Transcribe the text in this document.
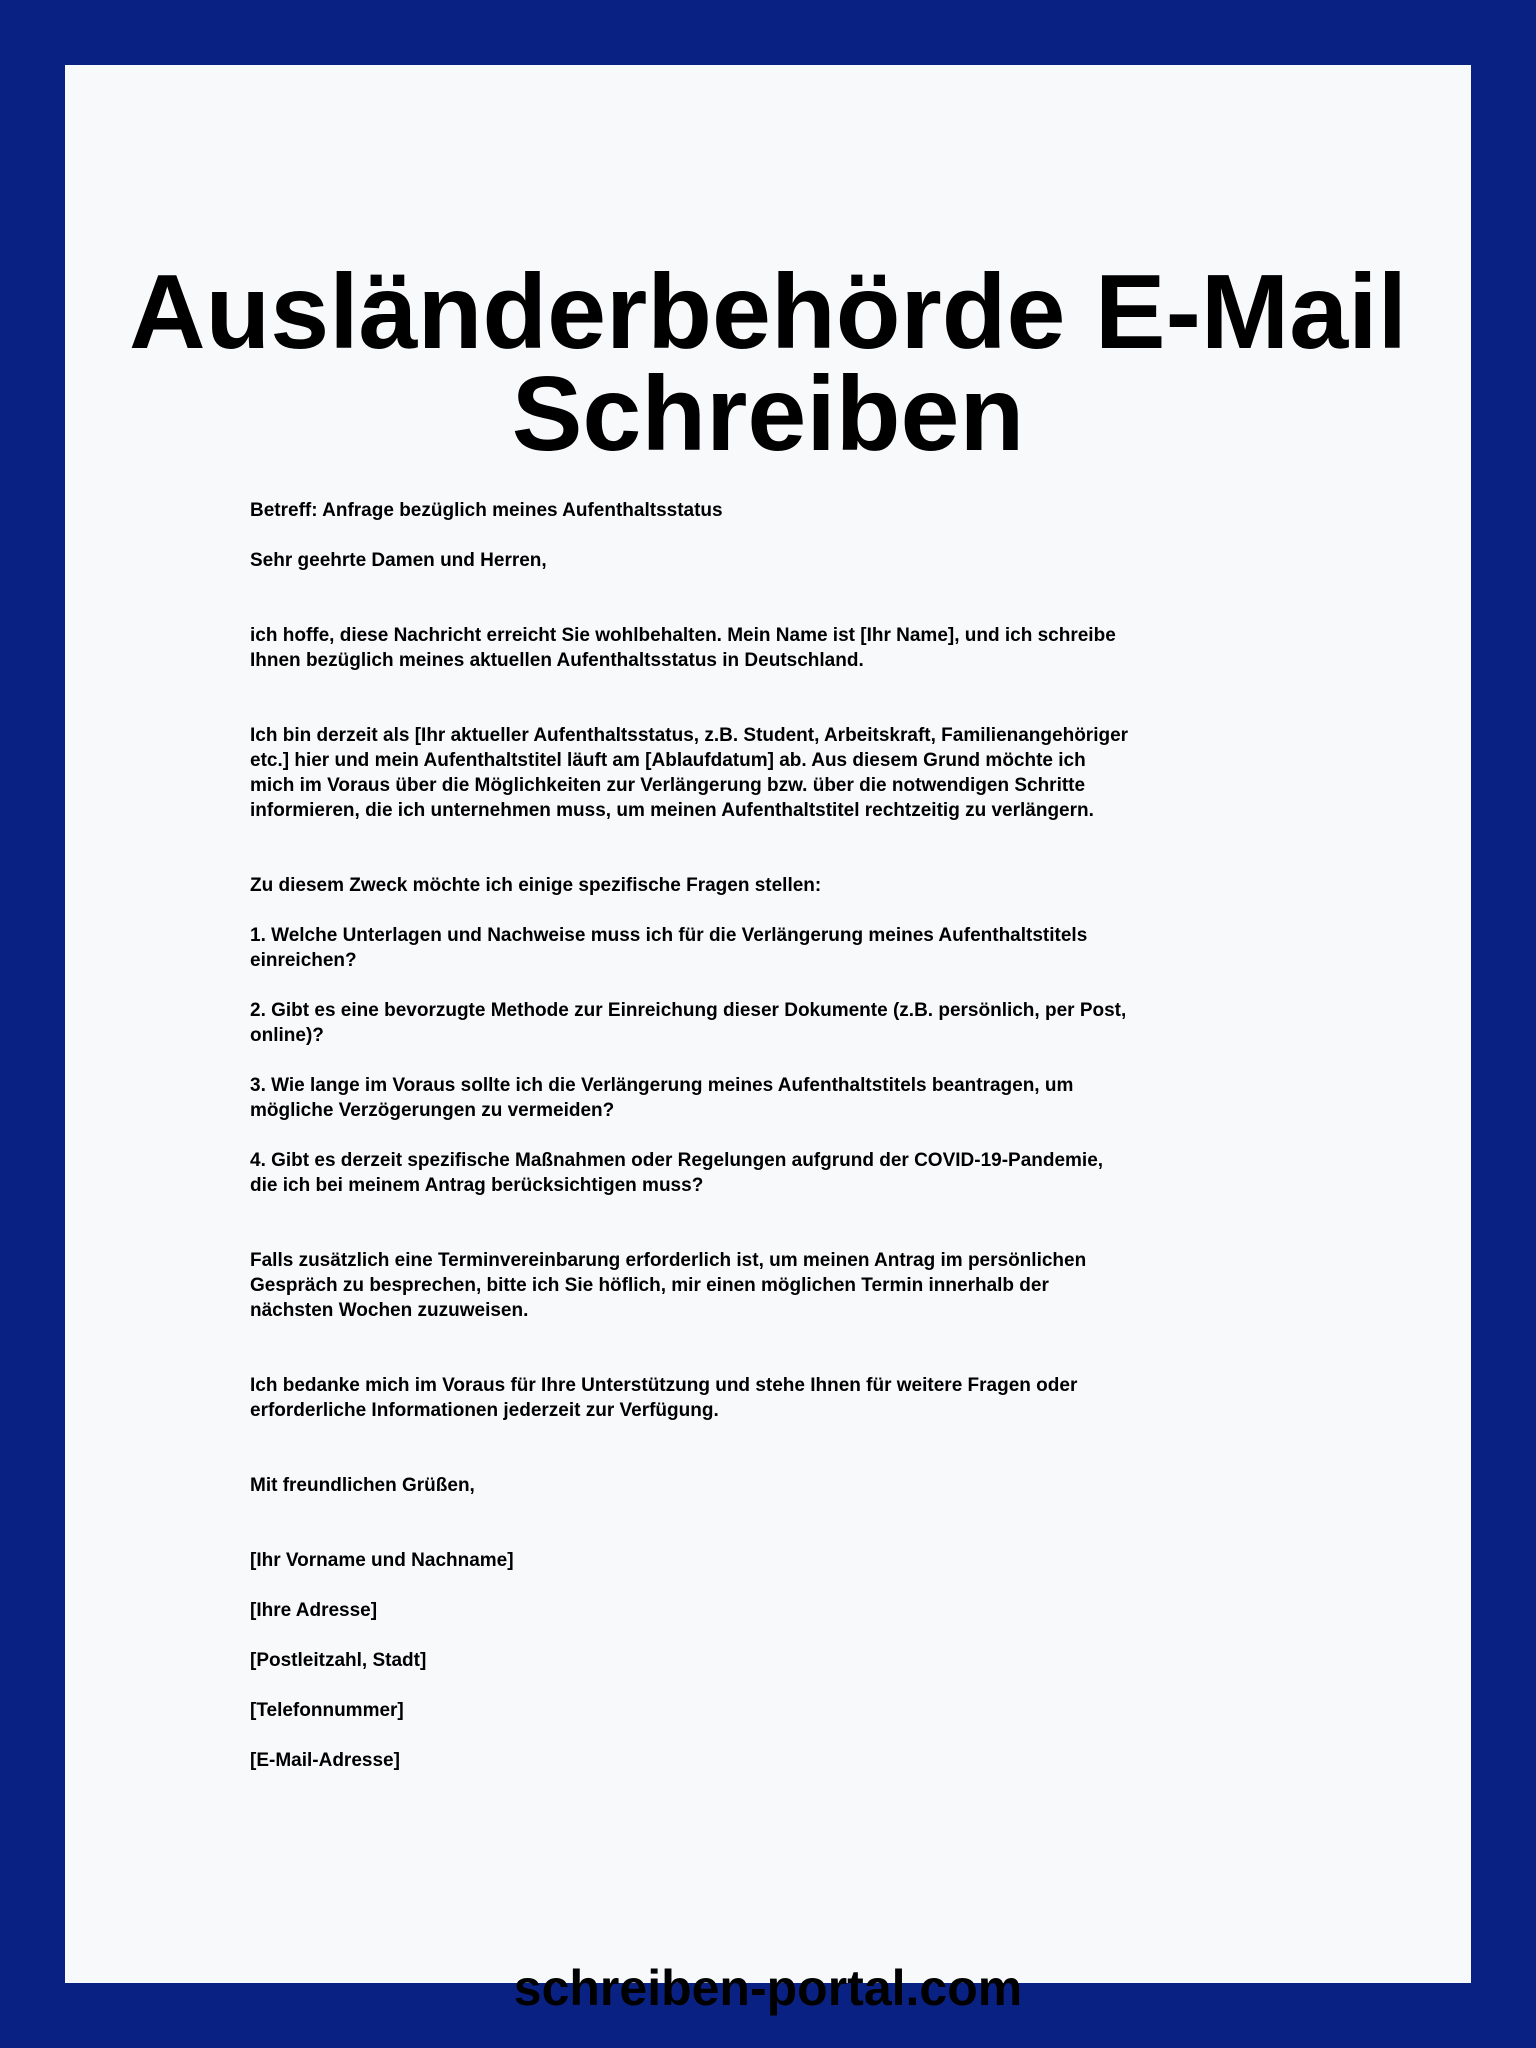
Ausländerbehörde E-Mail
Schreiben

Betreff: Anfrage bezüglich meines Aufenthaltsstatus

Sehr geehrte Damen und Herren,

ich hoffe, diese Nachricht erreicht Sie wohlbehalten. Mein Name ist [Ihr Name], und ich schreibe Ihnen bezüglich meines aktuellen Aufenthaltsstatus in Deutschland.

Ich bin derzeit als [Ihr aktueller Aufenthaltsstatus, z.B. Student, Arbeitskraft, Familienangehöriger etc.] hier und mein Aufenthaltstitel läuft am [Ablaufdatum] ab. Aus diesem Grund möchte ich mich im Voraus über die Möglichkeiten zur Verlängerung bzw. über die notwendigen Schritte informieren, die ich unternehmen muss, um meinen Aufenthaltstitel rechtzeitig zu verlängern.

Zu diesem Zweck möchte ich einige spezifische Fragen stellen:

1. Welche Unterlagen und Nachweise muss ich für die Verlängerung meines Aufenthaltstitels einreichen?

2. Gibt es eine bevorzugte Methode zur Einreichung dieser Dokumente (z.B. persönlich, per Post, online)?

3. Wie lange im Voraus sollte ich die Verlängerung meines Aufenthaltstitels beantragen, um mögliche Verzögerungen zu vermeiden?

4. Gibt es derzeit spezifische Maßnahmen oder Regelungen aufgrund der COVID-19-Pandemie, die ich bei meinem Antrag berücksichtigen muss?

Falls zusätzlich eine Terminvereinbarung erforderlich ist, um meinen Antrag im persönlichen Gespräch zu besprechen, bitte ich Sie höflich, mir einen möglichen Termin innerhalb der nächsten Wochen zuzuweisen.

Ich bedanke mich im Voraus für Ihre Unterstützung und stehe Ihnen für weitere Fragen oder erforderliche Informationen jederzeit zur Verfügung.

Mit freundlichen Grüßen,

[Ihr Vorname und Nachname]

[Ihre Adresse]

[Postleitzahl, Stadt]

[Telefonnummer]

[E-Mail-Adresse]

schreiben-portal.com
